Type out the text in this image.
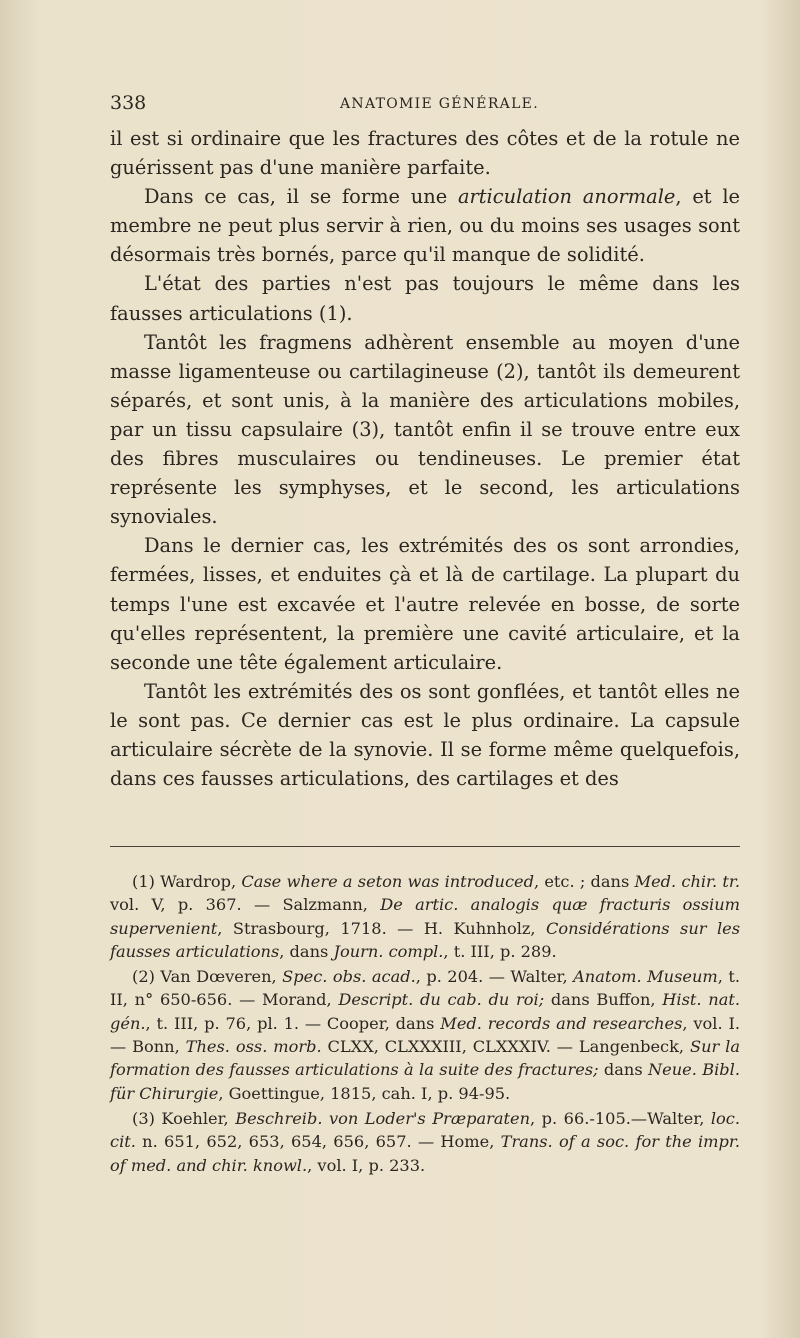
338	ANATOMIE GÉNÉRALE.

il est si ordinaire que les fractures des côtes et de la rotule ne guérissent pas d'une manière parfaite.

Dans ce cas, il se forme une articulation anormale, et le membre ne peut plus servir à rien, ou du moins ses usages sont désormais très bornés, parce qu'il manque de solidité.

L'état des parties n'est pas toujours le même dans les fausses articulations (1).

Tantôt les fragmens adhèrent ensemble au moyen d'une masse ligamenteuse ou cartilagineuse (2), tantôt ils demeurent séparés, et sont unis, à la manière des articulations mobiles, par un tissu capsulaire (3), tantôt enfin il se trouve entre eux des fibres musculaires ou tendineuses. Le premier état représente les symphyses, et le second, les articulations synoviales.

Dans le dernier cas, les extrémités des os sont arrondies, fermées, lisses, et enduites çà et là de cartilage. La plupart du temps l'une est excavée et l'autre relevée en bosse, de sorte qu'elles représentent, la première une cavité articulaire, et la seconde une tête également articulaire.

Tantôt les extrémités des os sont gonflées, et tantôt elles ne le sont pas. Ce dernier cas est le plus ordinaire. La capsule articulaire sécrète de la synovie. Il se forme même quelquefois, dans ces fausses articulations, des cartilages et des

(1) Wardrop, Case where a seton was introduced, etc. ; dans Med. chir. tr. vol. V, p. 367. — Salzmann, De artic. analogis quæ fracturis ossium supervenient, Strasbourg, 1718. — H. Kuhnholz, Considérations sur les fausses articulations, dans Journ. compl., t. III, p. 289.

(2) Van Dœveren, Spec. obs. acad., p. 204. — Walter, Anatom. Museum, t. II, n° 650-656. — Morand, Descript. du cab. du roi; dans Buffon, Hist. nat. gén., t. III, p. 76, pl. 1. — Cooper, dans Med. records and researches, vol. I. — Bonn, Thes. oss. morb. CLXX, CLXXXIII, CLXXXIV. — Langenbeck, Sur la formation des fausses articulations à la suite des fractures; dans Neue. Bibl. für Chirurgie, Goettingue, 1815, cah. I, p. 94-95.

(3) Koehler, Beschreib. von Loder's Præparaten, p. 66.-105.—Walter, loc. cit. n. 651, 652, 653, 654, 656, 657. — Home, Trans. of a soc. for the impr. of med. and chir. knowl., vol. I, p. 233.
